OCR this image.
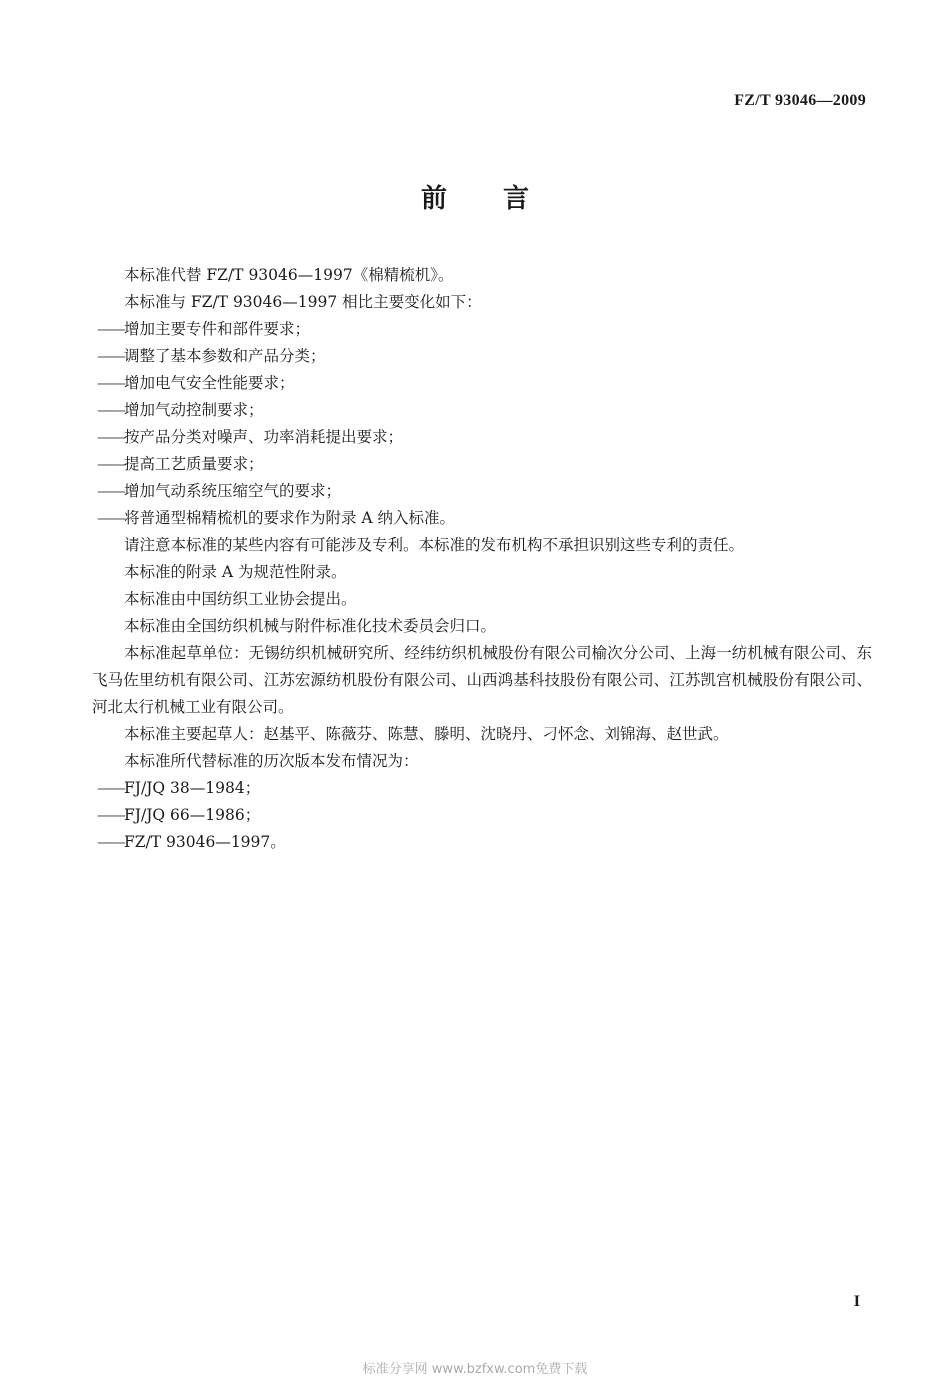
FZ/T 93046—2009
前言
本标准代替 FZ/T 93046—1997《棉精梳机》。
本标准与 FZ/T 93046—1997 相比主要变化如下：
——增加主要专件和部件要求；
——调整了基本参数和产品分类；
——增加电气安全性能要求；
——增加气动控制要求；
——按产品分类对噪声、功率消耗提出要求；
——提高工艺质量要求；
——增加气动系统压缩空气的要求；
——将普通型棉精梳机的要求作为附录 A 纳入标准。
请注意本标准的某些内容有可能涉及专利。本标准的发布机构不承担识别这些专利的责任。
本标准的附录 A 为规范性附录。
本标准由中国纺织工业协会提出。
本标准由全国纺织机械与附件标准化技术委员会归口。
本标准起草单位：无锡纺织机械研究所、经纬纺织机械股份有限公司榆次分公司、上海一纺机械有限公司、东飞马佐里纺机有限公司、江苏宏源纺机股份有限公司、山西鸿基科技股份有限公司、江苏凯宫机械股份有限公司、河北太行机械工业有限公司。
本标准主要起草人：赵基平、陈薇芬、陈慧、滕明、沈晓丹、刁怀念、刘锦海、赵世武。
本标准所代替标准的历次版本发布情况为：
——FJ/JQ 38—1984；
——FJ/JQ 66—1986；
——FZ/T 93046—1997。
I
标准分享网 www.bzfxw.com免费下载
